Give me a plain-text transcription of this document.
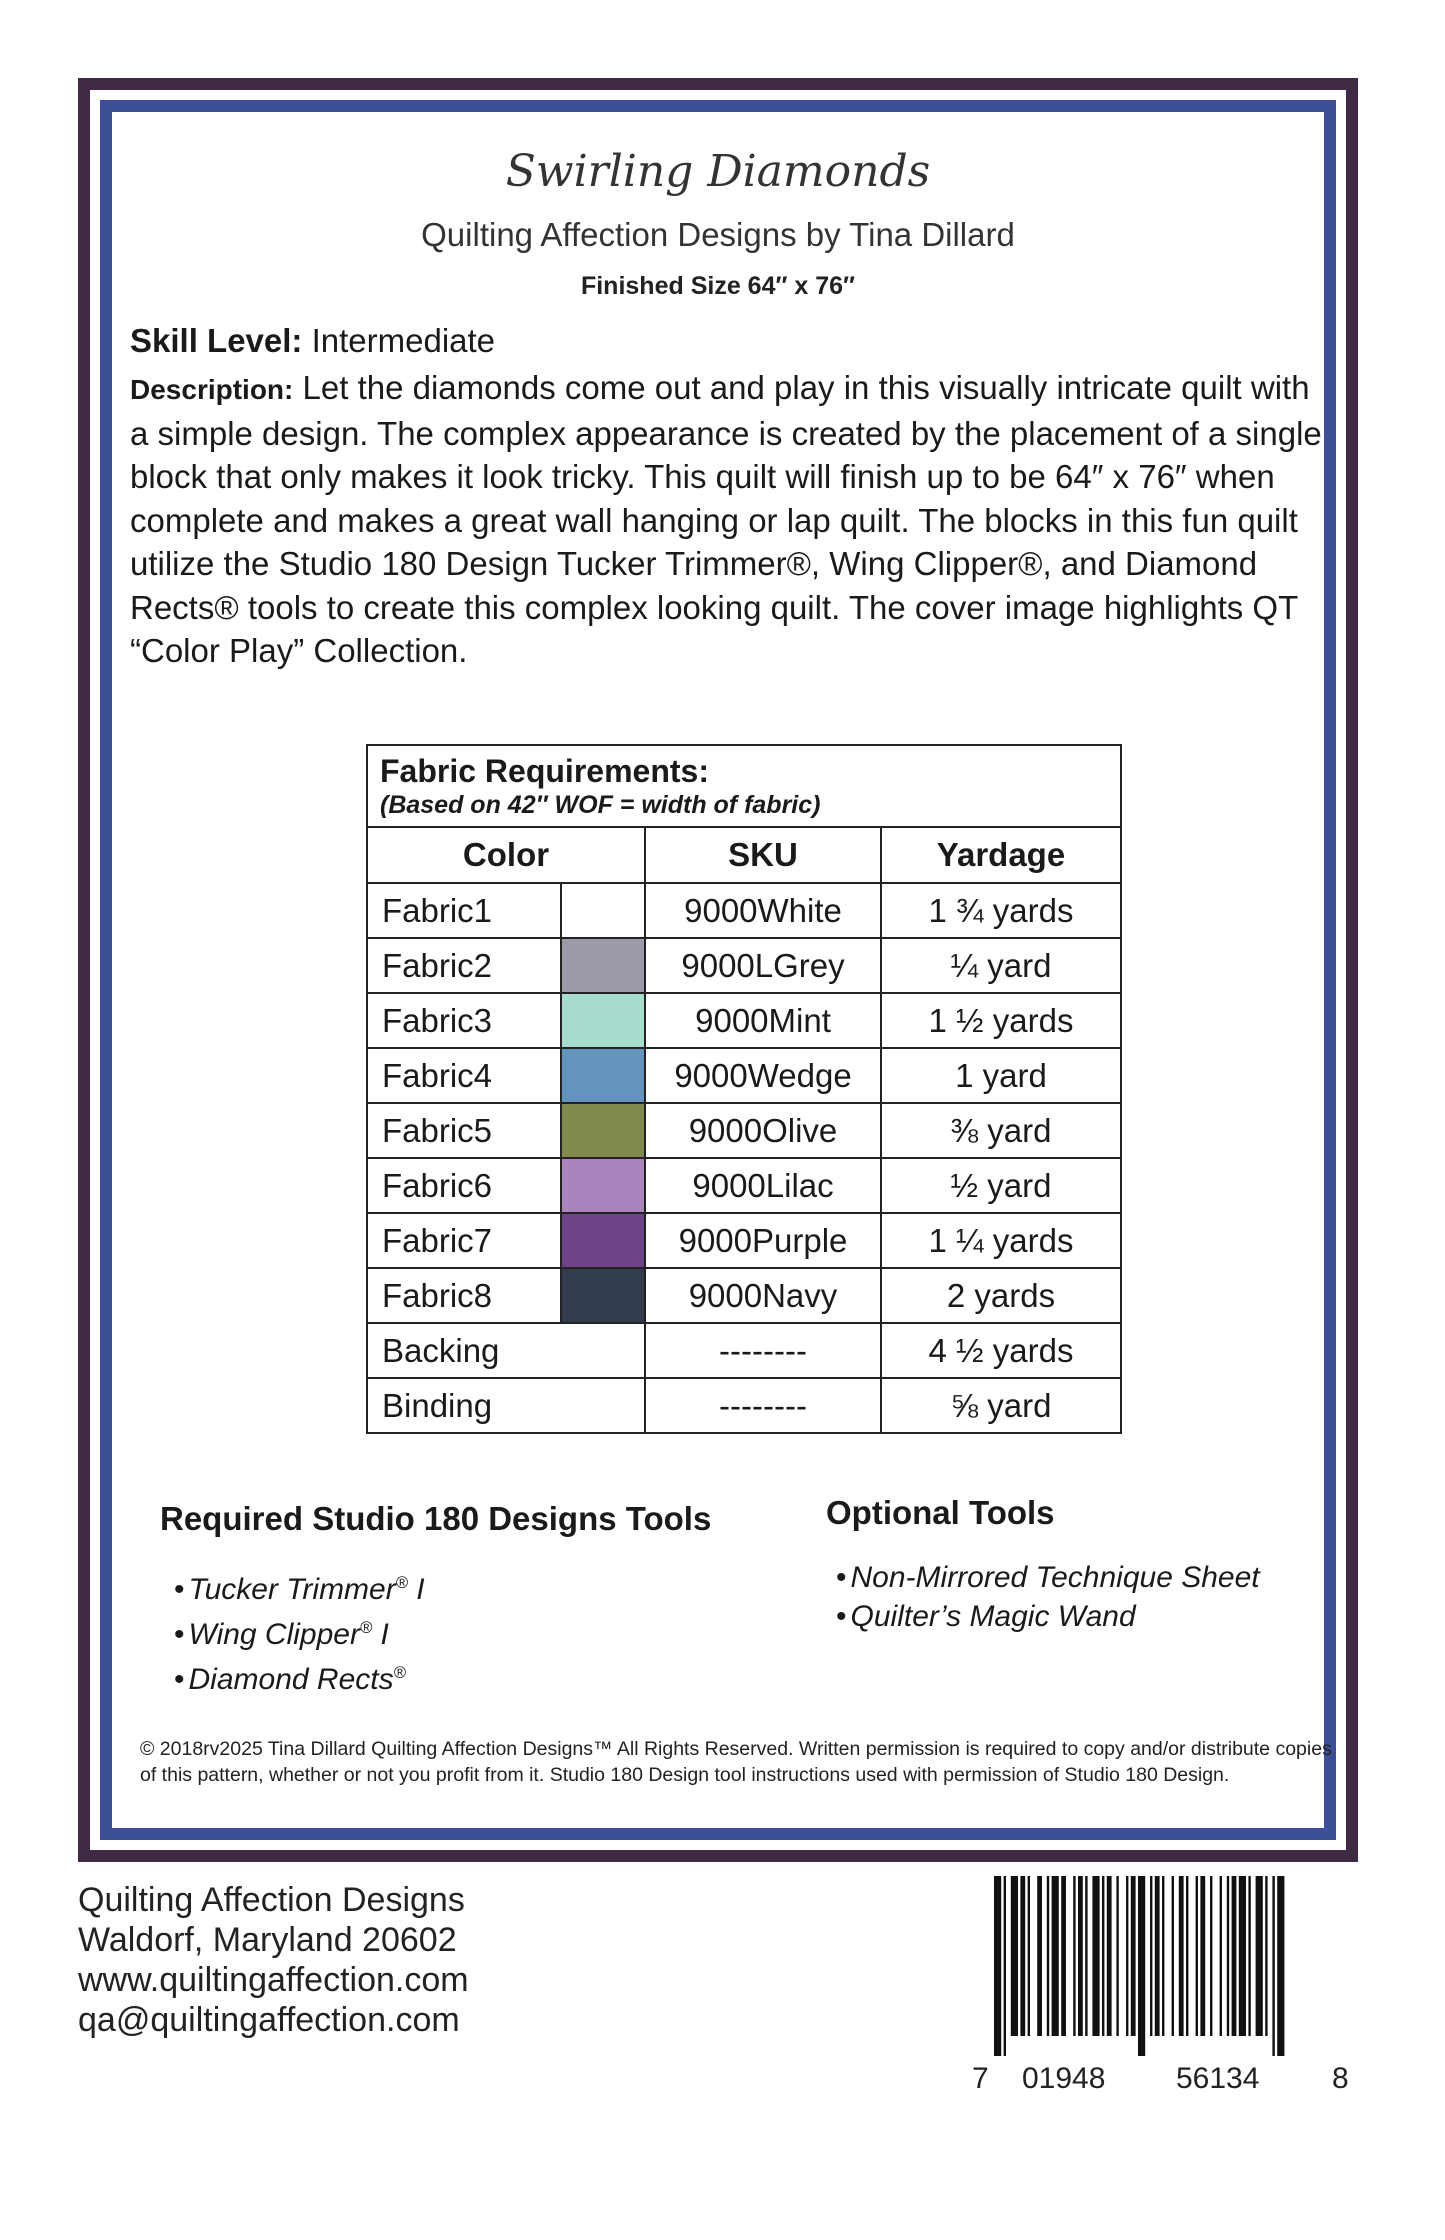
Swirling Diamonds
Quilting Affection Designs by Tina Dillard
Finished Size 64″ x 76″
Skill Level: Intermediate
Description: Let the diamonds come out and play in this visually intricate quilt with a simple design. The complex appearance is created by the placement of a single block that only makes it look tricky. This quilt will finish up to be 64″ x 76″ when complete and makes a great wall hanging or lap quilt. The blocks in this fun quilt utilize the Studio 180 Design Tucker Trimmer®, Wing Clipper®, and Diamond Rects® tools to create this complex looking quilt. The cover image highlights QT “Color Play” Collection.
Fabric Requirements:
(Based on 42″ WOF = width of fabric)			

Color		SKU	Yardage
Fabric1		9000White	1 ¾ yards
Fabric2		9000LGrey	¼ yard
Fabric3		9000Mint	1 ½ yards
Fabric4		9000Wedge	1 yard
Fabric5		9000Olive	⅜ yard
Fabric6		9000Lilac	½ yard
Fabric7		9000Purple	1 ¼ yards
Fabric8		9000Navy	2 yards
Backing		--------	4 ½ yards
Binding		--------	⅝ yard
Required Studio 180 Designs Tools
• Tucker Trimmer® I
• Wing Clipper® I
• Diamond Rects®
Optional Tools
• Non-Mirrored Technique Sheet
• Quilter’s Magic Wand
© 2018rv2025 Tina Dillard Quilting Affection Designs™ All Rights Reserved. Written permission is required to copy and/or distribute copies of this pattern, whether or not you profit from it. Studio 180 Design tool instructions used with permission of Studio 180 Design.
Quilting Affection Designs
Waldorf, Maryland 20602
www.quiltingaffection.com
qa@quiltingaffection.com
7 01948 56134 8
